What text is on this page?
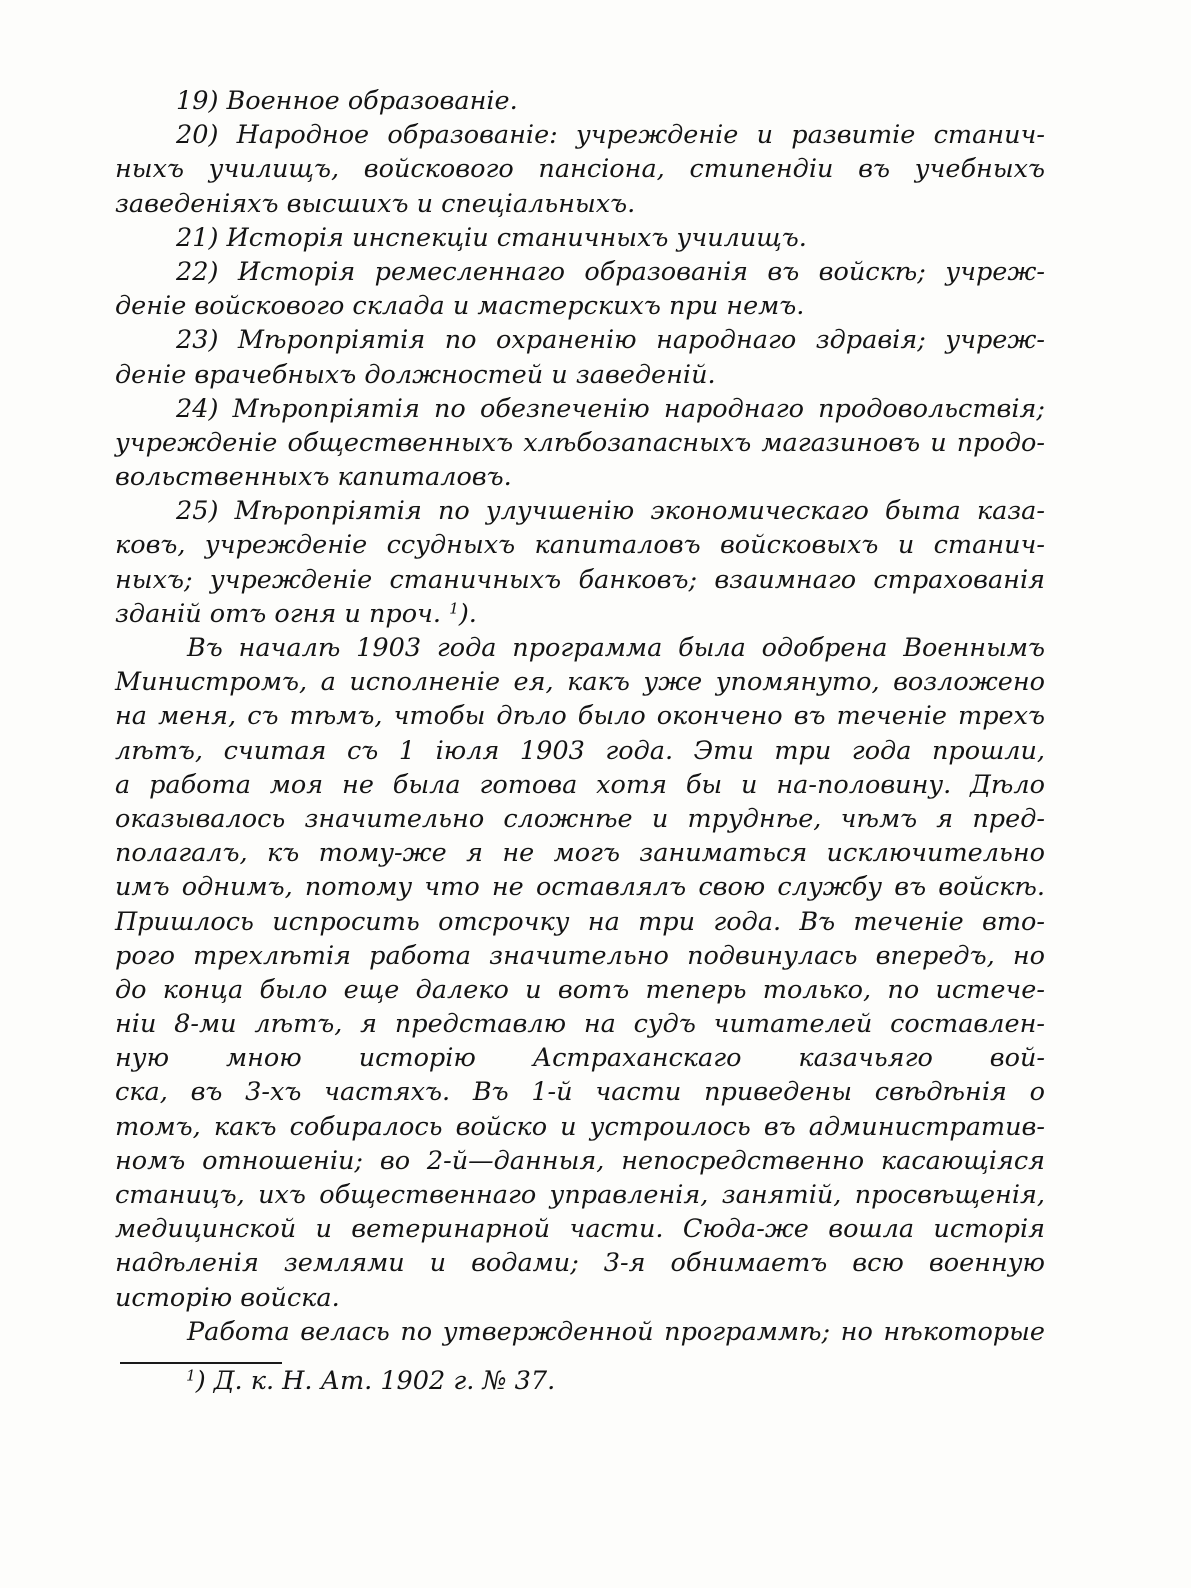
19) Военное образованіе.
20) Народное образованіе: учрежденіе и развитіе станич-
ныхъ училищъ, войскового пансіона, стипендіи въ учебныхъ
заведеніяхъ высшихъ и спеціальныхъ.
21) Исторія инспекціи станичныхъ училищъ.
22) Исторія ремесленнаго образованія въ войскѣ; учреж-
деніе войскового склада и мастерскихъ при немъ.
23) Мѣропріятія по охраненію народнаго здравія; учреж-
деніе врачебныхъ должностей и заведеній.
24) Мѣропріятія по обезпеченію народнаго продовольствія;
учрежденіе общественныхъ хлѣбозапасныхъ магазиновъ и продо-
вольственныхъ капиталовъ.
25) Мѣропріятія по улучшенію экономическаго быта каза-
ковъ, учрежденіе ссудныхъ капиталовъ войсковыхъ и станич-
ныхъ; учрежденіе станичныхъ банковъ; взаимнаго страхованія
зданій отъ огня и проч. $^1$).
Въ началѣ 1903 года программа была одобрена Военнымъ
Министромъ, а исполненіе ея, какъ уже упомянуто, возложено
на меня, съ тѣмъ, чтобы дѣло было окончено въ теченіе трехъ
лѣтъ, считая съ 1 іюля 1903 года. Эти три года прошли,
а работа моя не была готова хотя бы и на-половину. Дѣло
оказывалось значительно сложнѣе и труднѣе, чѣмъ я пред-
полагалъ, къ тому-же я не могъ заниматься исключительно
имъ однимъ, потому что не оставлялъ свою службу въ войскѣ.
Пришлось испросить отсрочку на три года. Въ теченіе вто-
рого трехлѣтія работа значительно подвинулась впередъ, но
до конца было еще далеко и вотъ теперь только, по истече-
ніи 8-ми лѣтъ, я представлю на судъ читателей составлен-
ную мною исторію Астраханскаго казачьяго вой-
ска, въ 3-хъ частяхъ. Въ 1-й части приведены свѣдѣнія о
томъ, какъ собиралось войско и устроилось въ административ-
номъ отношеніи; во 2-й—данныя, непосредственно касающіяся
станицъ, ихъ общественнаго управленія, занятій, просвѣщенія,
медицинской и ветеринарной части. Сюда-же вошла исторія
надѣленія землями и водами; 3-я обнимаетъ всю военную
исторію войска.
Работа велась по утвержденной программѣ; но нѣкоторые
$^1$) Д. к. Н. Ат. 1902 г. № 37.
